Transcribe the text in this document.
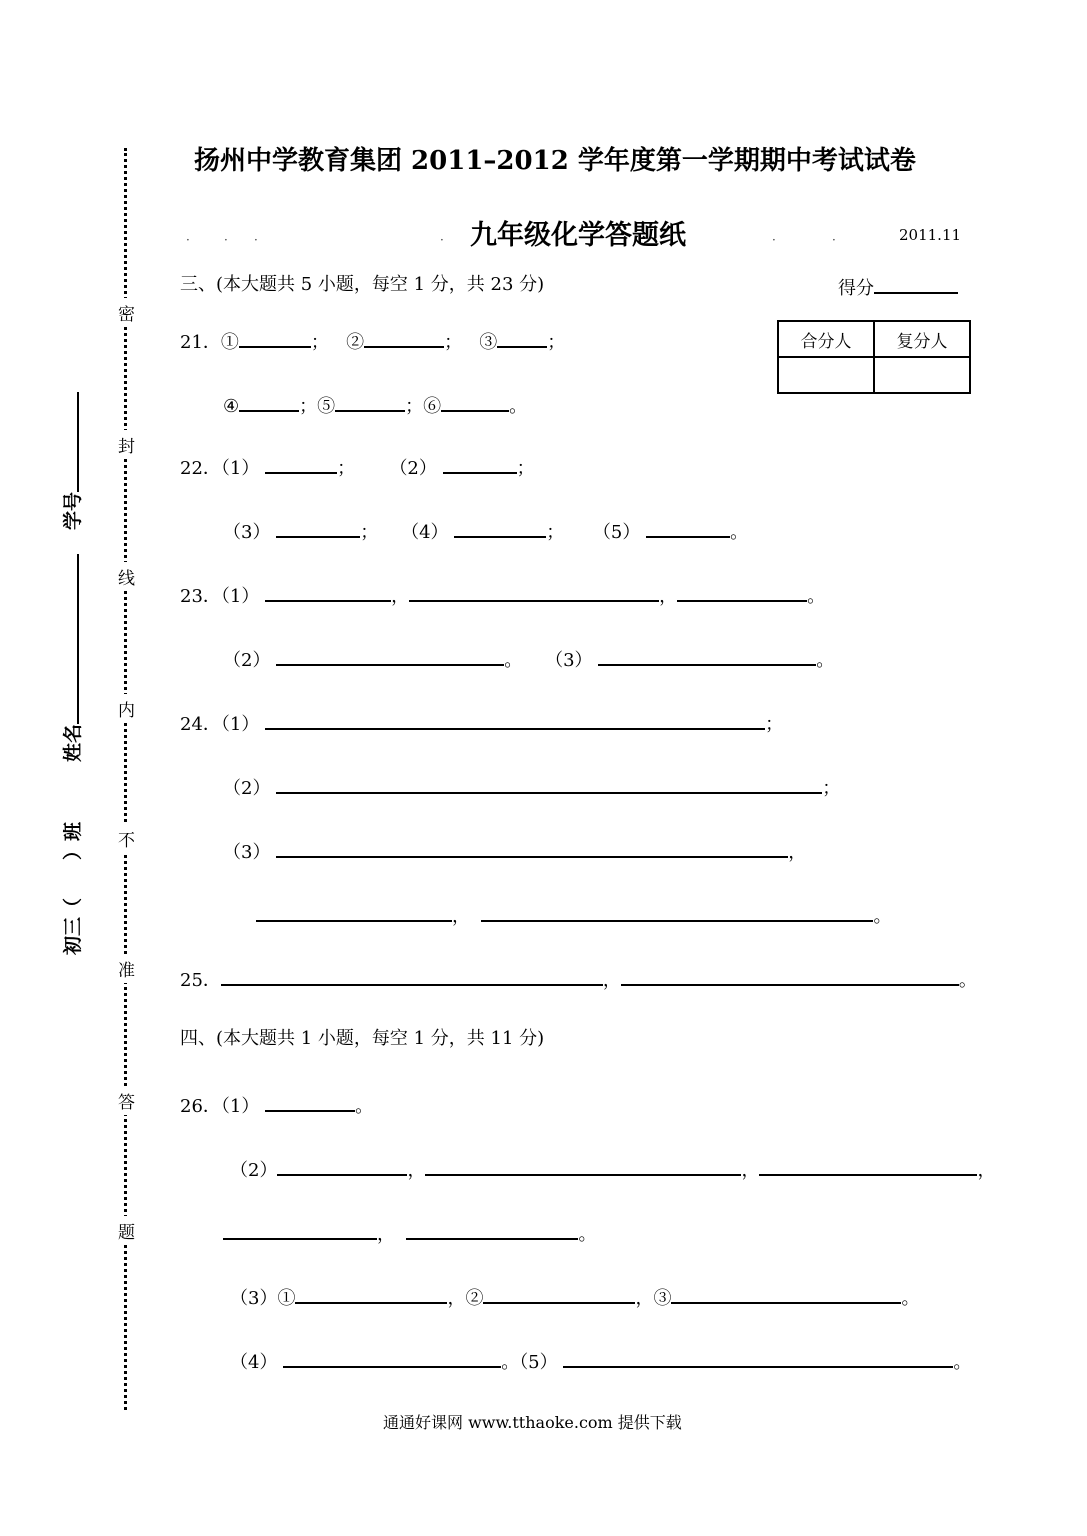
密
封
线
内
不
准
答
题
初三（　　）班
姓名
学号
扬州中学教育集团 2011–2012 学年度第一学期期中考试试卷
九年级化学答题纸
·	· ·	·	·	·	2011.11
三、(本大题共 5 小题，每空 1 分，共 23 分)	得分
合分人	复分人

21．①	； ②	； ③	；
④	；⑤	；⑥	。
22．（1）	； （2）	；
（3）	； （4）	； （5）	。
23．（1）	，	，	。
（2）	。 （3）	。
24．（1）	；
（2）	；
（3）	，
，	。
25．	，	。
四、(本大题共 1 小题，每空 1 分，共 11 分)
26．（1）	。
（2）	，	，	，
，	。
（3）①	，②	，③	。
（4）	。（5）	。
通通好课网 www.tthaoke.com 提供下载
